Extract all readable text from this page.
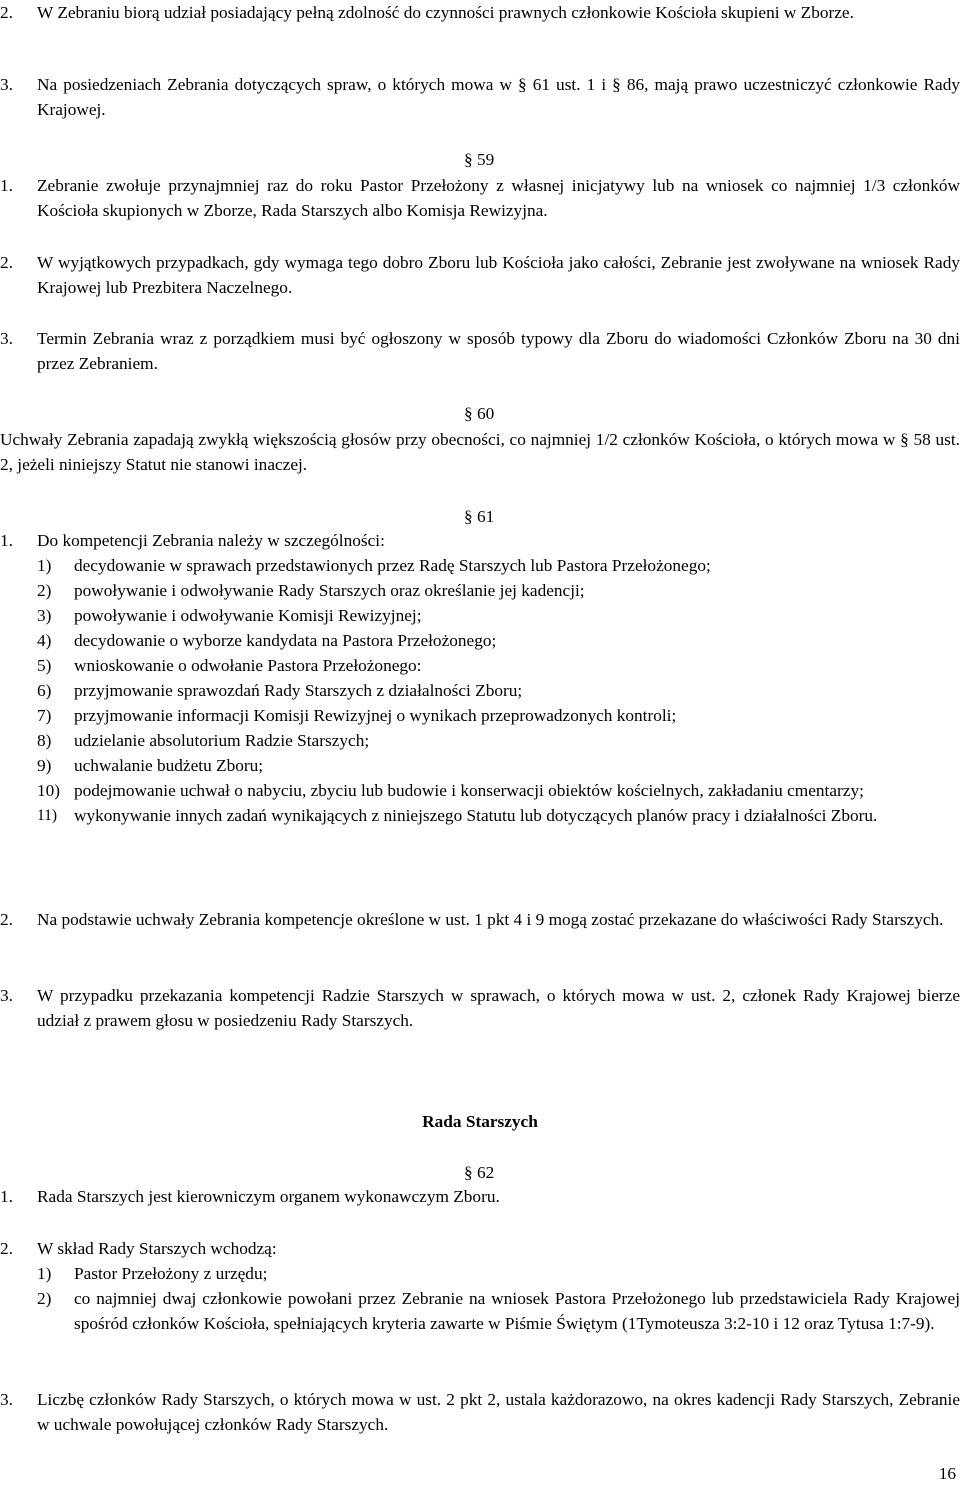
2. W Zebraniu biorą udział posiadający pełną zdolność do czynności prawnych członkowie Kościoła skupieni w Zborze.

3. Na posiedzeniach Zebrania dotyczących spraw, o których mowa w § 61 ust. 1 i § 86, mają prawo uczestniczyć członkowie Rady Krajowej.

§ 59

1. Zebranie zwołuje przynajmniej raz do roku Pastor Przełożony z własnej inicjatywy lub na wniosek co najmniej 1/3 członków Kościoła skupionych w Zborze, Rada Starszych albo Komisja Rewizyjna.

2. W wyjątkowych przypadkach, gdy wymaga tego dobro Zboru lub Kościoła jako całości, Zebranie jest zwoływane na wniosek Rady Krajowej lub Prezbitera Naczelnego.

3. Termin Zebrania wraz z porządkiem musi być ogłoszony w sposób typowy dla Zboru do wiadomości Członków Zboru na 30 dni przez Zebraniem.

§ 60

Uchwały Zebrania zapadają zwykłą większością głosów przy obecności, co najmniej 1/2 członków Kościoła, o których mowa w § 58 ust. 2, jeżeli niniejszy Statut nie stanowi inaczej.

§ 61

1. Do kompetencji Zebrania należy w szczególności:

1) decydowanie w sprawach przedstawionych przez Radę Starszych lub Pastora Przełożonego;

2) powoływanie i odwoływanie Rady Starszych oraz określanie jej kadencji;

3) powoływanie i odwoływanie Komisji Rewizyjnej;

4) decydowanie o wyborze kandydata na Pastora Przełożonego;

5) wnioskowanie o odwołanie Pastora Przełożonego:

6) przyjmowanie sprawozdań Rady Starszych z działalności Zboru;

7) przyjmowanie informacji Komisji Rewizyjnej o wynikach przeprowadzonych kontroli;

8) udzielanie absolutorium Radzie Starszych;

9) uchwalanie budżetu Zboru;

10) podejmowanie uchwał o nabyciu, zbyciu lub budowie i konserwacji obiektów kościelnych, zakładaniu cmentarzy;

11) wykonywanie innych zadań wynikających z niniejszego Statutu lub dotyczących planów pracy i działalności Zboru.

2. Na podstawie uchwały Zebrania kompetencje określone w ust. 1 pkt 4 i 9 mogą zostać przekazane do właściwości Rady Starszych.

3. W przypadku przekazania kompetencji Radzie Starszych w sprawach, o których mowa w ust. 2, członek Rady Krajowej bierze udział z prawem głosu w posiedzeniu Rady Starszych.

Rada Starszych
§ 62

1. Rada Starszych jest kierowniczym organem wykonawczym Zboru.

2. W skład Rady Starszych wchodzą:

1) Pastor Przełożony z urzędu;

2) co najmniej dwaj członkowie powołani przez Zebranie na wniosek Pastora Przełożonego lub przedstawiciela Rady Krajowej spośród członków Kościoła, spełniających kryteria zawarte w Piśmie Świętym (1Tymoteusza 3:2-10 i 12 oraz Tytusa 1:7-9).

3. Liczbę członków Rady Starszych, o których mowa w ust. 2 pkt 2, ustala każdorazowo, na okres kadencji Rady Starszych, Zebranie w uchwale powołującej członków Rady Starszych.

16
